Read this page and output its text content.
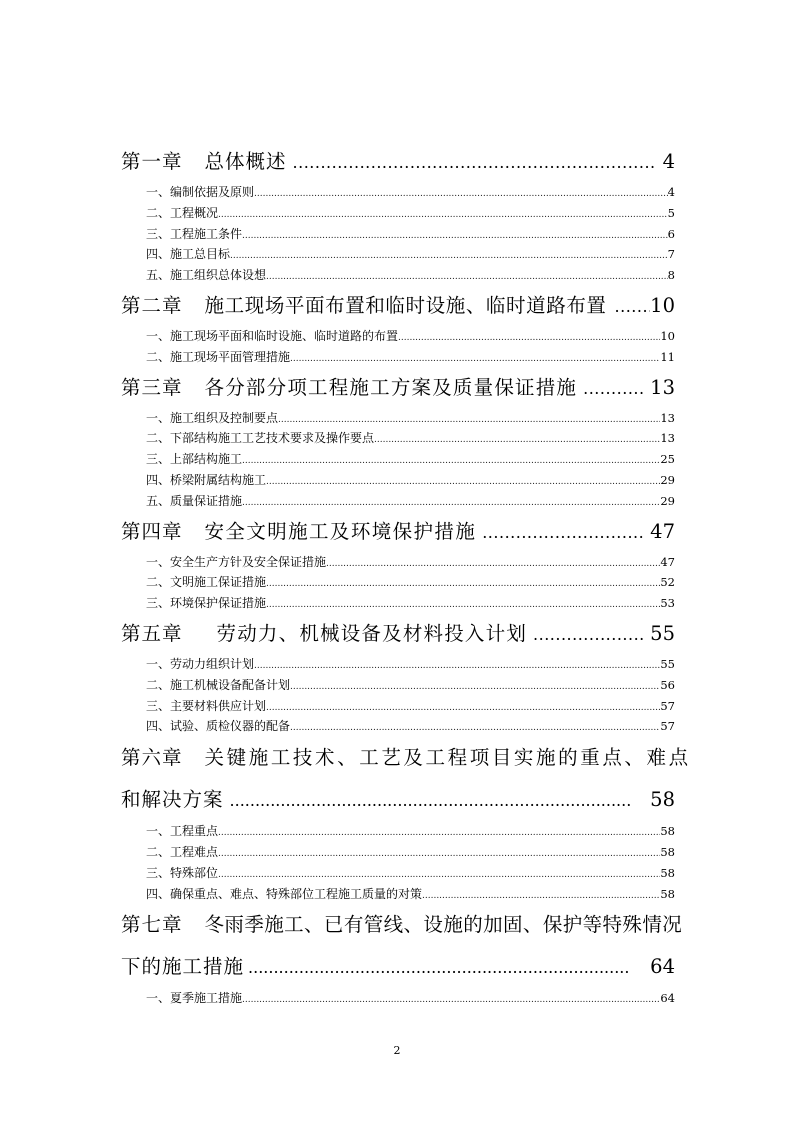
第一章 总体概述 .....	4
一、编制依据及原则 .....	4
二、工程概况 .....	5
三、工程施工条件 .....	6
四、施工总目标 .....	7
五、施工组织总体设想 .....	8
第二章 施工现场平面布置和临时设施、临时道路布置 ..... 10
一、施工现场平面和临时设施、临时道路的布置 .....	10
二、施工现场平面管理措施 .....	11
第三章 各分部分项工程施工方案及质量保证措施 .....	13
一、施工组织及控制要点 .....	13
二、下部结构施工工艺技术要求及操作要点 .....	13
三、上部结构施工 .....	25
四、桥梁附属结构施工 .....	29
五、质量保证措施 .....	29
第四章 安全文明施工及环境保护措施 .....	47
一、安全生产方针及安全保证措施 .....	47
二、文明施工保证措施 .....	52
三、环境保护保证措施 .....	53
第五章 劳动力、机械设备及材料投入计划 .....	55
一、劳动力组织计划 .....	55
二、施工机械设备配备计划 .....	56
三、主要材料供应计划 .....	57
四、试验、质检仪器的配备 .....	57
第六章 关键施工技术、工艺及工程项目实施的重点、难点
和解决方案 .....	58
一、工程重点 .....	58
二、工程难点 .....	58
三、特殊部位 .....	58
四、确保重点、难点、特殊部位工程施工质量的对策 .....	58
第七章 冬雨季施工、已有管线、设施的加固、保护等特殊情况
下的施工措施 .....	64
一、夏季施工措施 .....	64
2
